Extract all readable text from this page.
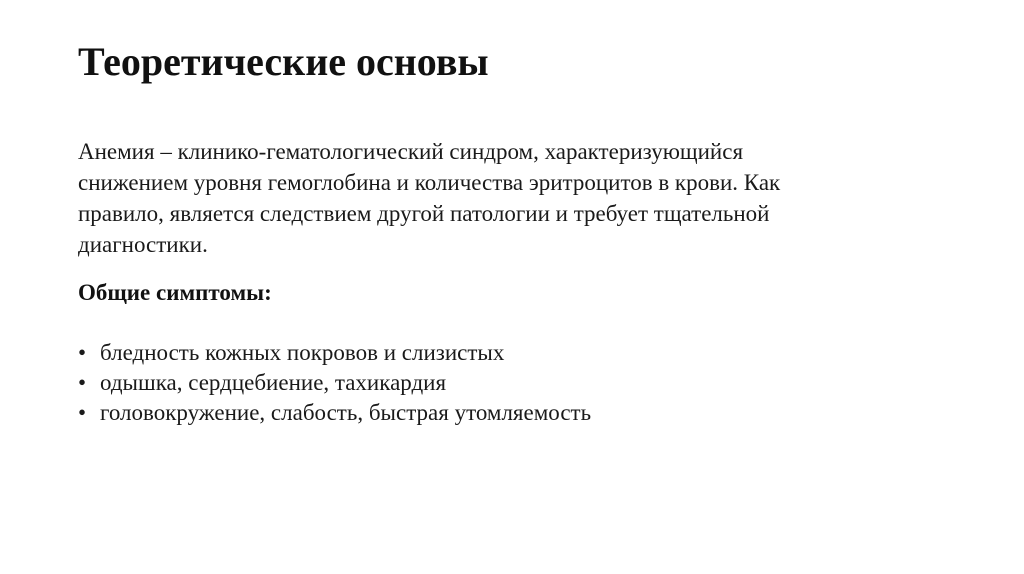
Теоретические основы

Анемия – клинико-гематологический синдром, характеризующийся
снижением уровня гемоглобина и количества эритроцитов в крови. Как
правило, является следствием другой патологии и требует тщательной
диагностики.

Общие симптомы:
• бледность кожных покровов и слизистых
• одышка, сердцебиение, тахикардия
• головокружение, слабость, быстрая утомляемость
